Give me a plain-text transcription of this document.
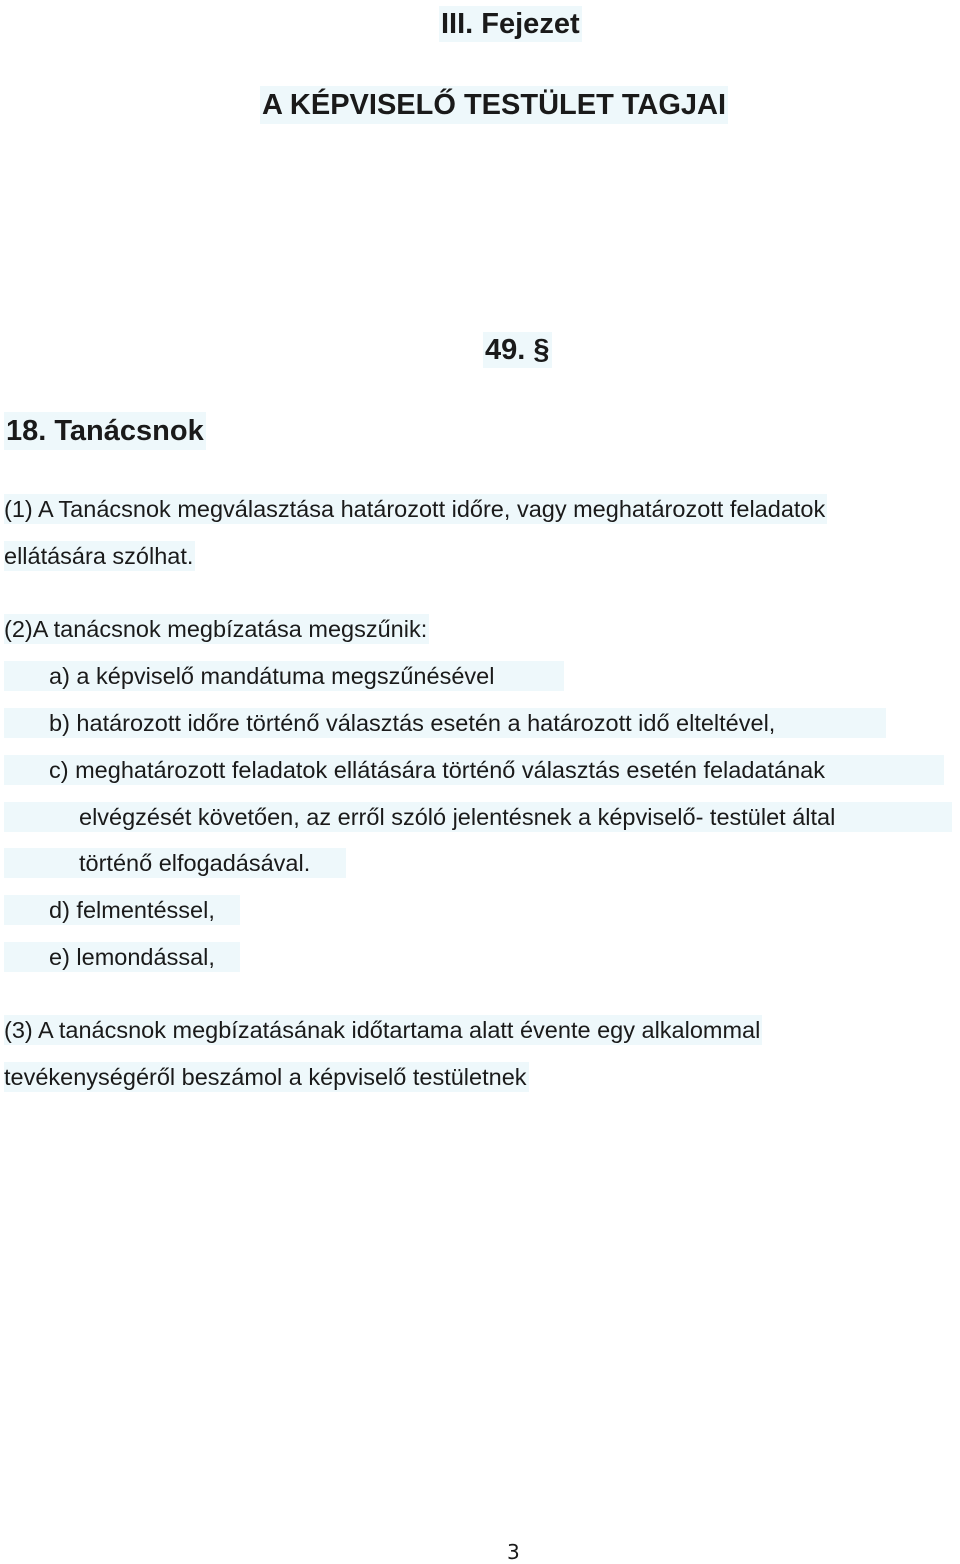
III. Fejezet
A KÉPVISELŐ TESTÜLET TAGJAI
49. §
18. Tanácsnok
(1) A Tanácsnok megválasztása határozott időre, vagy meghatározott feladatok
ellátására szólhat.
(2)A tanácsnok megbízatása megszűnik:
a) a képviselő mandátuma megszűnésével
b) határozott időre történő választás esetén a határozott idő elteltével,
c) meghatározott feladatok ellátására történő választás esetén feladatának
elvégzését követően, az erről szóló jelentésnek a képviselő- testület által
történő elfogadásával.
d) felmentéssel,
e) lemondással,
(3) A tanácsnok megbízatásának időtartama alatt évente egy alkalommal
tevékenységéről beszámol a képviselő testületnek
3
